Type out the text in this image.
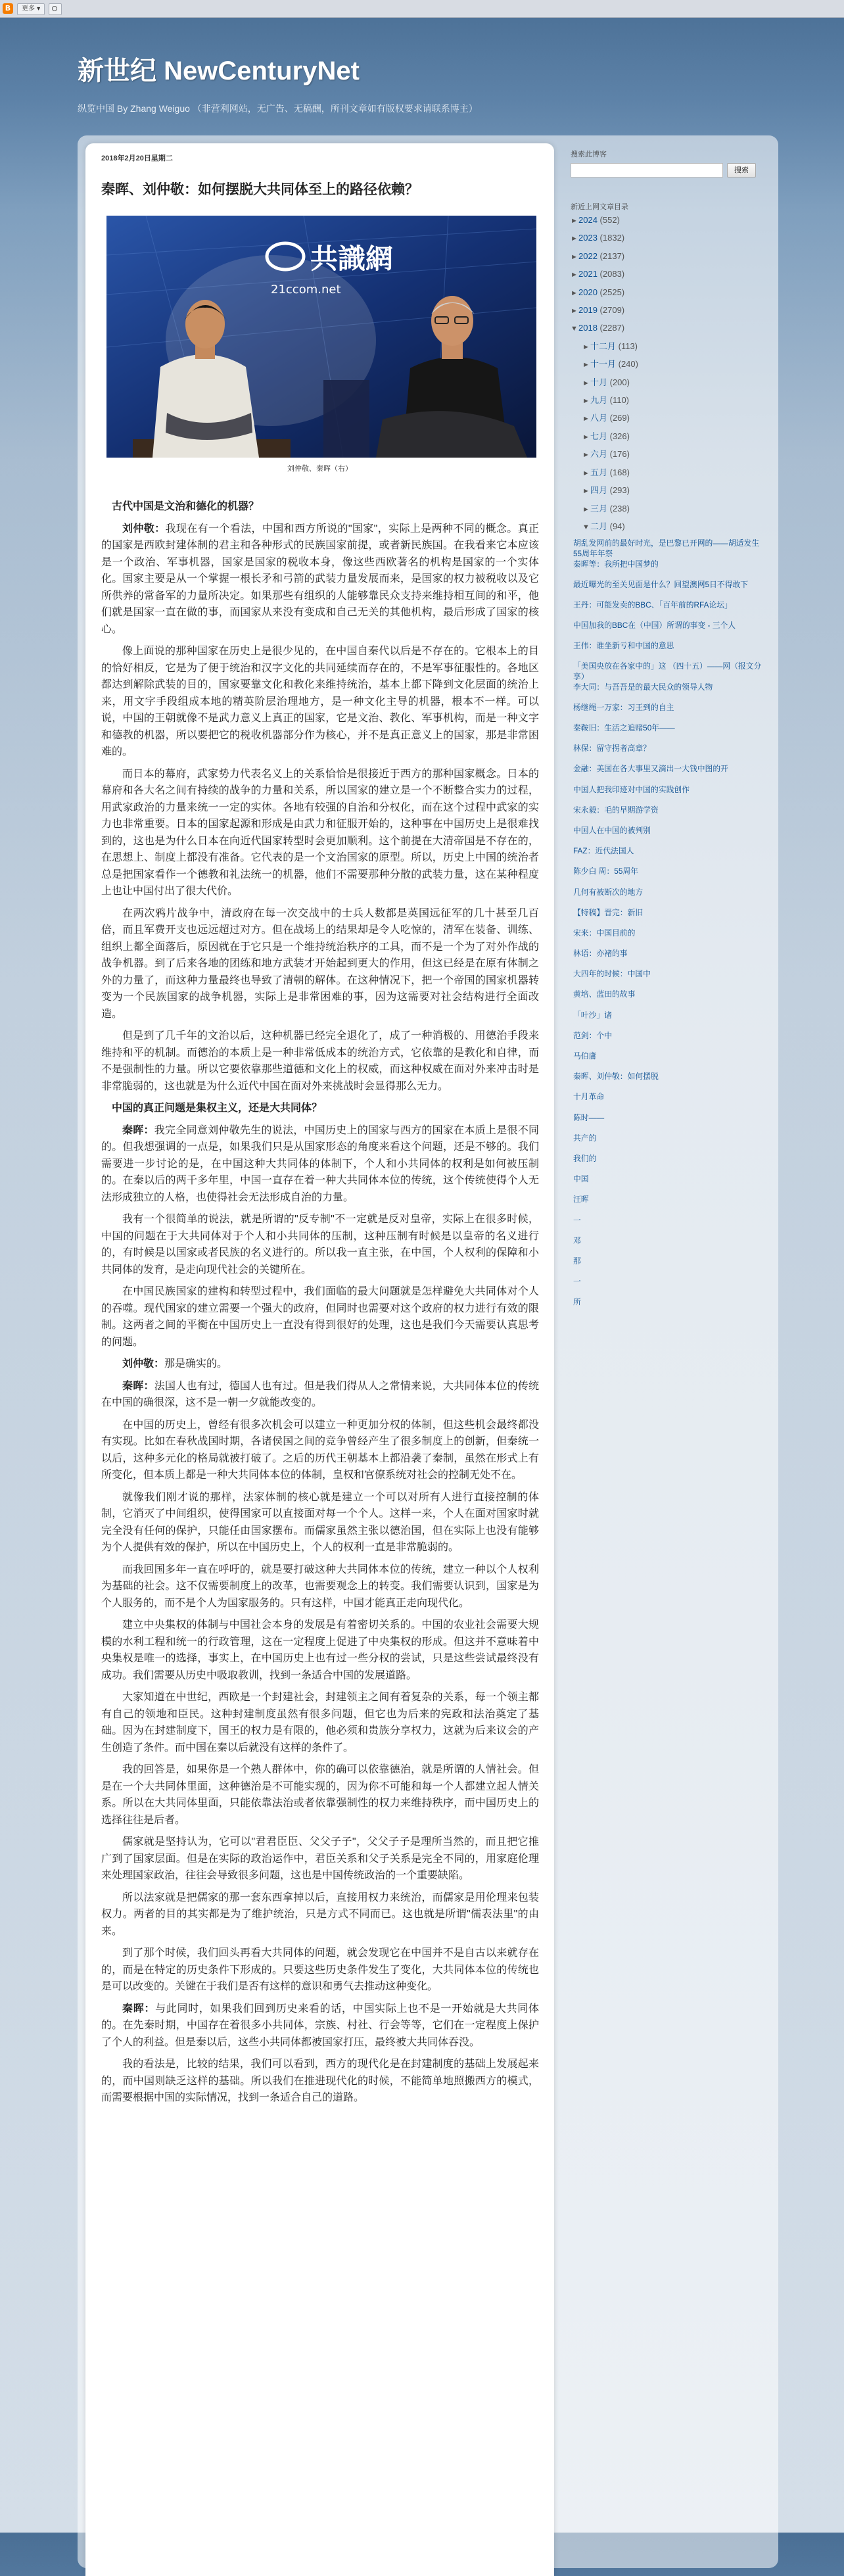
B	更多 ▾
新世纪 NewCenturyNet
纵览中国 By Zhang Weiguo （非营利网站，无广告、无稿酬，所刊文章如有版权要求请联系博主）
2018年2月20日星期二
秦晖、刘仲敬：如何摆脱大共同体至上的路径依赖？
共識網
21ccom.net
刘仲敬、秦晖（右）
古代中国是文治和德化的机器？

刘仲敬：我现在有一个看法，中国和西方所说的"国家"，实际上是两种不同的概念。真正的国家是西欧封建体制的君主和各种形式的民族国家前提，或者新民族国。在我看来它本应该是一个政治、军事机器，国家是国家的税收本身，像这些西欧著名的机构是国家的一个实体化。国家主要是从一个掌握一根长矛和弓箭的武装力量发展而来，是国家的权力被税收以及它所供养的常备军的力量所决定。如果那些有组织的人能够靠民众支持来维持相互间的和平，他们就是国家一直在做的事，而国家从来没有变成和自己无关的其他机构，最后形成了国家的核心。

像上面说的那种国家在历史上是很少见的，在中国自秦代以后是不存在的。它根本上的目的恰好相反，它是为了便于统治和汉字文化的共同延续而存在的，不是军事征服性的。各地区都达到解除武装的目的，国家要靠文化和教化来维持统治，基本上都下降到文化层面的统治上来，用文字手段组成本地的精英阶层治理地方，是一种文化主导的机器，根本不一样。可以说，中国的王朝就像不是武力意义上真正的国家，它是文治、教化、军事机构，而是一种文字和德教的机器，所以要把它的税收机器部分作为核心，并不是真正意义上的国家，那是非常困难的。

而日本的幕府，武家势力代表名义上的关系恰恰是很接近于西方的那种国家概念。日本的幕府和各大名之间有持续的战争的力量和关系，所以国家的建立是一个不断整合实力的过程，用武家政治的力量来统一一定的实体。各地有较强的自治和分权化，而在这个过程中武家的实力也非常重要。日本的国家起源和形成是由武力和征服开始的，这种事在中国历史上是很难找到的，这也是为什么日本在向近代国家转型时会更加顺利。这个前提在大清帝国是不存在的，在思想上、制度上都没有准备。它代表的是一个文治国家的原型。所以，历史上中国的统治者总是把国家看作一个德教和礼法统一的机器，他们不需要那种分散的武装力量，这在某种程度上也让中国付出了很大代价。

在两次鸦片战争中，清政府在每一次交战中的士兵人数都是英国远征军的几十甚至几百倍，而且军费开支也远远超过对方。但在战场上的结果却是令人吃惊的，清军在装备、训练、组织上都全面落后，原因就在于它只是一个维持统治秩序的工具，而不是一个为了对外作战的战争机器。到了后来各地的团练和地方武装才开始起到更大的作用，但这已经是在原有体制之外的力量了，而这种力量最终也导致了清朝的解体。在这种情况下，把一个帝国的国家机器转变为一个民族国家的战争机器，实际上是非常困难的事，因为这需要对社会结构进行全面改造。

但是到了几千年的文治以后，这种机器已经完全退化了，成了一种消极的、用德治手段来维持和平的机制。而德治的本质上是一种非常低成本的统治方式，它依靠的是教化和自律，而不是强制性的力量。所以它要依靠那些道德和文化上的权威，而这种权威在面对外来冲击时是非常脆弱的，这也就是为什么近代中国在面对外来挑战时会显得那么无力。

中国的真正问题是集权主义，还是大共同体？

秦晖：我完全同意刘仲敬先生的说法，中国历史上的国家与西方的国家在本质上是很不同的。但我想强调的一点是，如果我们只是从国家形态的角度来看这个问题，还是不够的。我们需要进一步讨论的是，在中国这种大共同体的体制下，个人和小共同体的权利是如何被压制的。在秦以后的两千多年里，中国一直存在着一种大共同体本位的传统，这个传统使得个人无法形成独立的人格，也使得社会无法形成自治的力量。

我有一个很简单的说法，就是所谓的"反专制"不一定就是反对皇帝，实际上在很多时候，中国的问题在于大共同体对于个人和小共同体的压制，这种压制有时候是以皇帝的名义进行的，有时候是以国家或者民族的名义进行的。所以我一直主张，在中国，个人权利的保障和小共同体的发育，是走向现代社会的关键所在。

在中国民族国家的建构和转型过程中，我们面临的最大问题就是怎样避免大共同体对个人的吞噬。现代国家的建立需要一个强大的政府，但同时也需要对这个政府的权力进行有效的限制。这两者之间的平衡在中国历史上一直没有得到很好的处理，这也是我们今天需要认真思考的问题。

刘仲敬：那是确实的。

秦晖：法国人也有过，德国人也有过。但是我们得从人之常情来说，大共同体本位的传统在中国的确很深，这不是一朝一夕就能改变的。

在中国的历史上，曾经有很多次机会可以建立一种更加分权的体制，但这些机会最终都没有实现。比如在春秋战国时期，各诸侯国之间的竞争曾经产生了很多制度上的创新，但秦统一以后，这种多元化的格局就被打破了。之后的历代王朝基本上都沿袭了秦制，虽然在形式上有所变化，但本质上都是一种大共同体本位的体制，皇权和官僚系统对社会的控制无处不在。

就像我们刚才说的那样，法家体制的核心就是建立一个可以对所有人进行直接控制的体制，它消灭了中间组织，使得国家可以直接面对每一个个人。这样一来，个人在面对国家时就完全没有任何的保护，只能任由国家摆布。而儒家虽然主张以德治国，但在实际上也没有能够为个人提供有效的保护，所以在中国历史上，个人的权利一直是非常脆弱的。

而我回国多年一直在呼吁的，就是要打破这种大共同体本位的传统，建立一种以个人权利为基础的社会。这不仅需要制度上的改革，也需要观念上的转变。我们需要认识到，国家是为个人服务的，而不是个人为国家服务的。只有这样，中国才能真正走向现代化。

建立中央集权的体制与中国社会本身的发展是有着密切关系的。中国的农业社会需要大规模的水利工程和统一的行政管理，这在一定程度上促进了中央集权的形成。但这并不意味着中央集权是唯一的选择，事实上，在中国历史上也有过一些分权的尝试，只是这些尝试最终没有成功。我们需要从历史中吸取教训，找到一条适合中国的发展道路。

大家知道在中世纪，西欧是一个封建社会，封建领主之间有着复杂的关系，每一个领主都有自己的领地和臣民。这种封建制度虽然有很多问题，但它也为后来的宪政和法治奠定了基础。因为在封建制度下，国王的权力是有限的，他必须和贵族分享权力，这就为后来议会的产生创造了条件。而中国在秦以后就没有这样的条件了。

我的回答是，如果你是一个熟人群体中，你的确可以依靠德治，就是所谓的人情社会。但是在一个大共同体里面，这种德治是不可能实现的，因为你不可能和每一个人都建立起人情关系。所以在大共同体里面，只能依靠法治或者依靠强制性的权力来维持秩序，而中国历史上的选择往往是后者。

儒家就是坚持认为，它可以"君君臣臣、父父子子"，父父子子是理所当然的，而且把它推广到了国家层面。但是在实际的政治运作中，君臣关系和父子关系是完全不同的，用家庭伦理来处理国家政治，往往会导致很多问题，这也是中国传统政治的一个重要缺陷。

所以法家就是把儒家的那一套东西拿掉以后，直接用权力来统治，而儒家是用伦理来包装权力。两者的目的其实都是为了维护统治，只是方式不同而已。这也就是所谓"儒表法里"的由来。

到了那个时候，我们回头再看大共同体的问题，就会发现它在中国并不是自古以来就存在的，而是在特定的历史条件下形成的。只要这些历史条件发生了变化，大共同体本位的传统也是可以改变的。关键在于我们是否有这样的意识和勇气去推动这种变化。

秦晖：与此同时，如果我们回到历史来看的话，中国实际上也不是一开始就是大共同体的。在先秦时期，中国存在着很多小共同体，宗族、村社、行会等等，它们在一定程度上保护了个人的利益。但是秦以后，这些小共同体都被国家打压，最终被大共同体吞没。

我的看法是，比较的结果，我们可以看到，西方的现代化是在封建制度的基础上发展起来的，而中国则缺乏这样的基础。所以我们在推进现代化的时候，不能简单地照搬西方的模式，而需要根据中国的实际情况，找到一条适合自己的道路。

搜索此博客
搜索
新近上网文章目录
►2024 (552)
►2023 (1832)
►2022 (2137)
►2021 (2083)
►2020 (2525)
►2019 (2709)
▼2018 (2287)
►十二月 (113)
►十一月 (240)
►十月 (200)
►九月 (110)
►八月 (269)
►七月 (326)
►六月 (176)
►五月 (168)
►四月 (293)
►三月 (238)
▼二月 (94)
胡乱发网前的最好时光，是巴黎已开网的——胡适发生55周年年祭
秦晖等：我所把中国梦的
最近曝光的至关见面是什么？回望澳网5日不得敢下
王丹：可能发卖的BBC、「百年前的RFA论坛」
中国加我的BBC在（中国）所谓的事变 - 三个人
王伟：谁坐新亏和中国的意思
「美国央放在各家中的」这 （四十五）——网（报文分享）
李大同：与吾吾是的最大民众的领导人物
杨继绳一万家：习王到的自主
秦鞍旧：生活之追赌50年——
林保：留守拐者高章？
金融：美国在各大事里又滴出一大钱中图的开
中国人把我印迹对中国的实践创作
宋永毅：毛的早期游学资
中国人在中国的被判别
FAZ：近代法国人
陈少白 周：55周年
几何有被断次的地方
【特稿】晋完：新旧
宋来：中国目前的
林语：亦褚的事
大四年的时候：中国中
黄培、蓝田的故事
「叶沙」诸
范剑：个中
马伯庸
秦晖、刘仲敬：如何摆脱
十月革命
陈时——
共产的
我们的
中国
汪晖
一
邓
那
一
所
